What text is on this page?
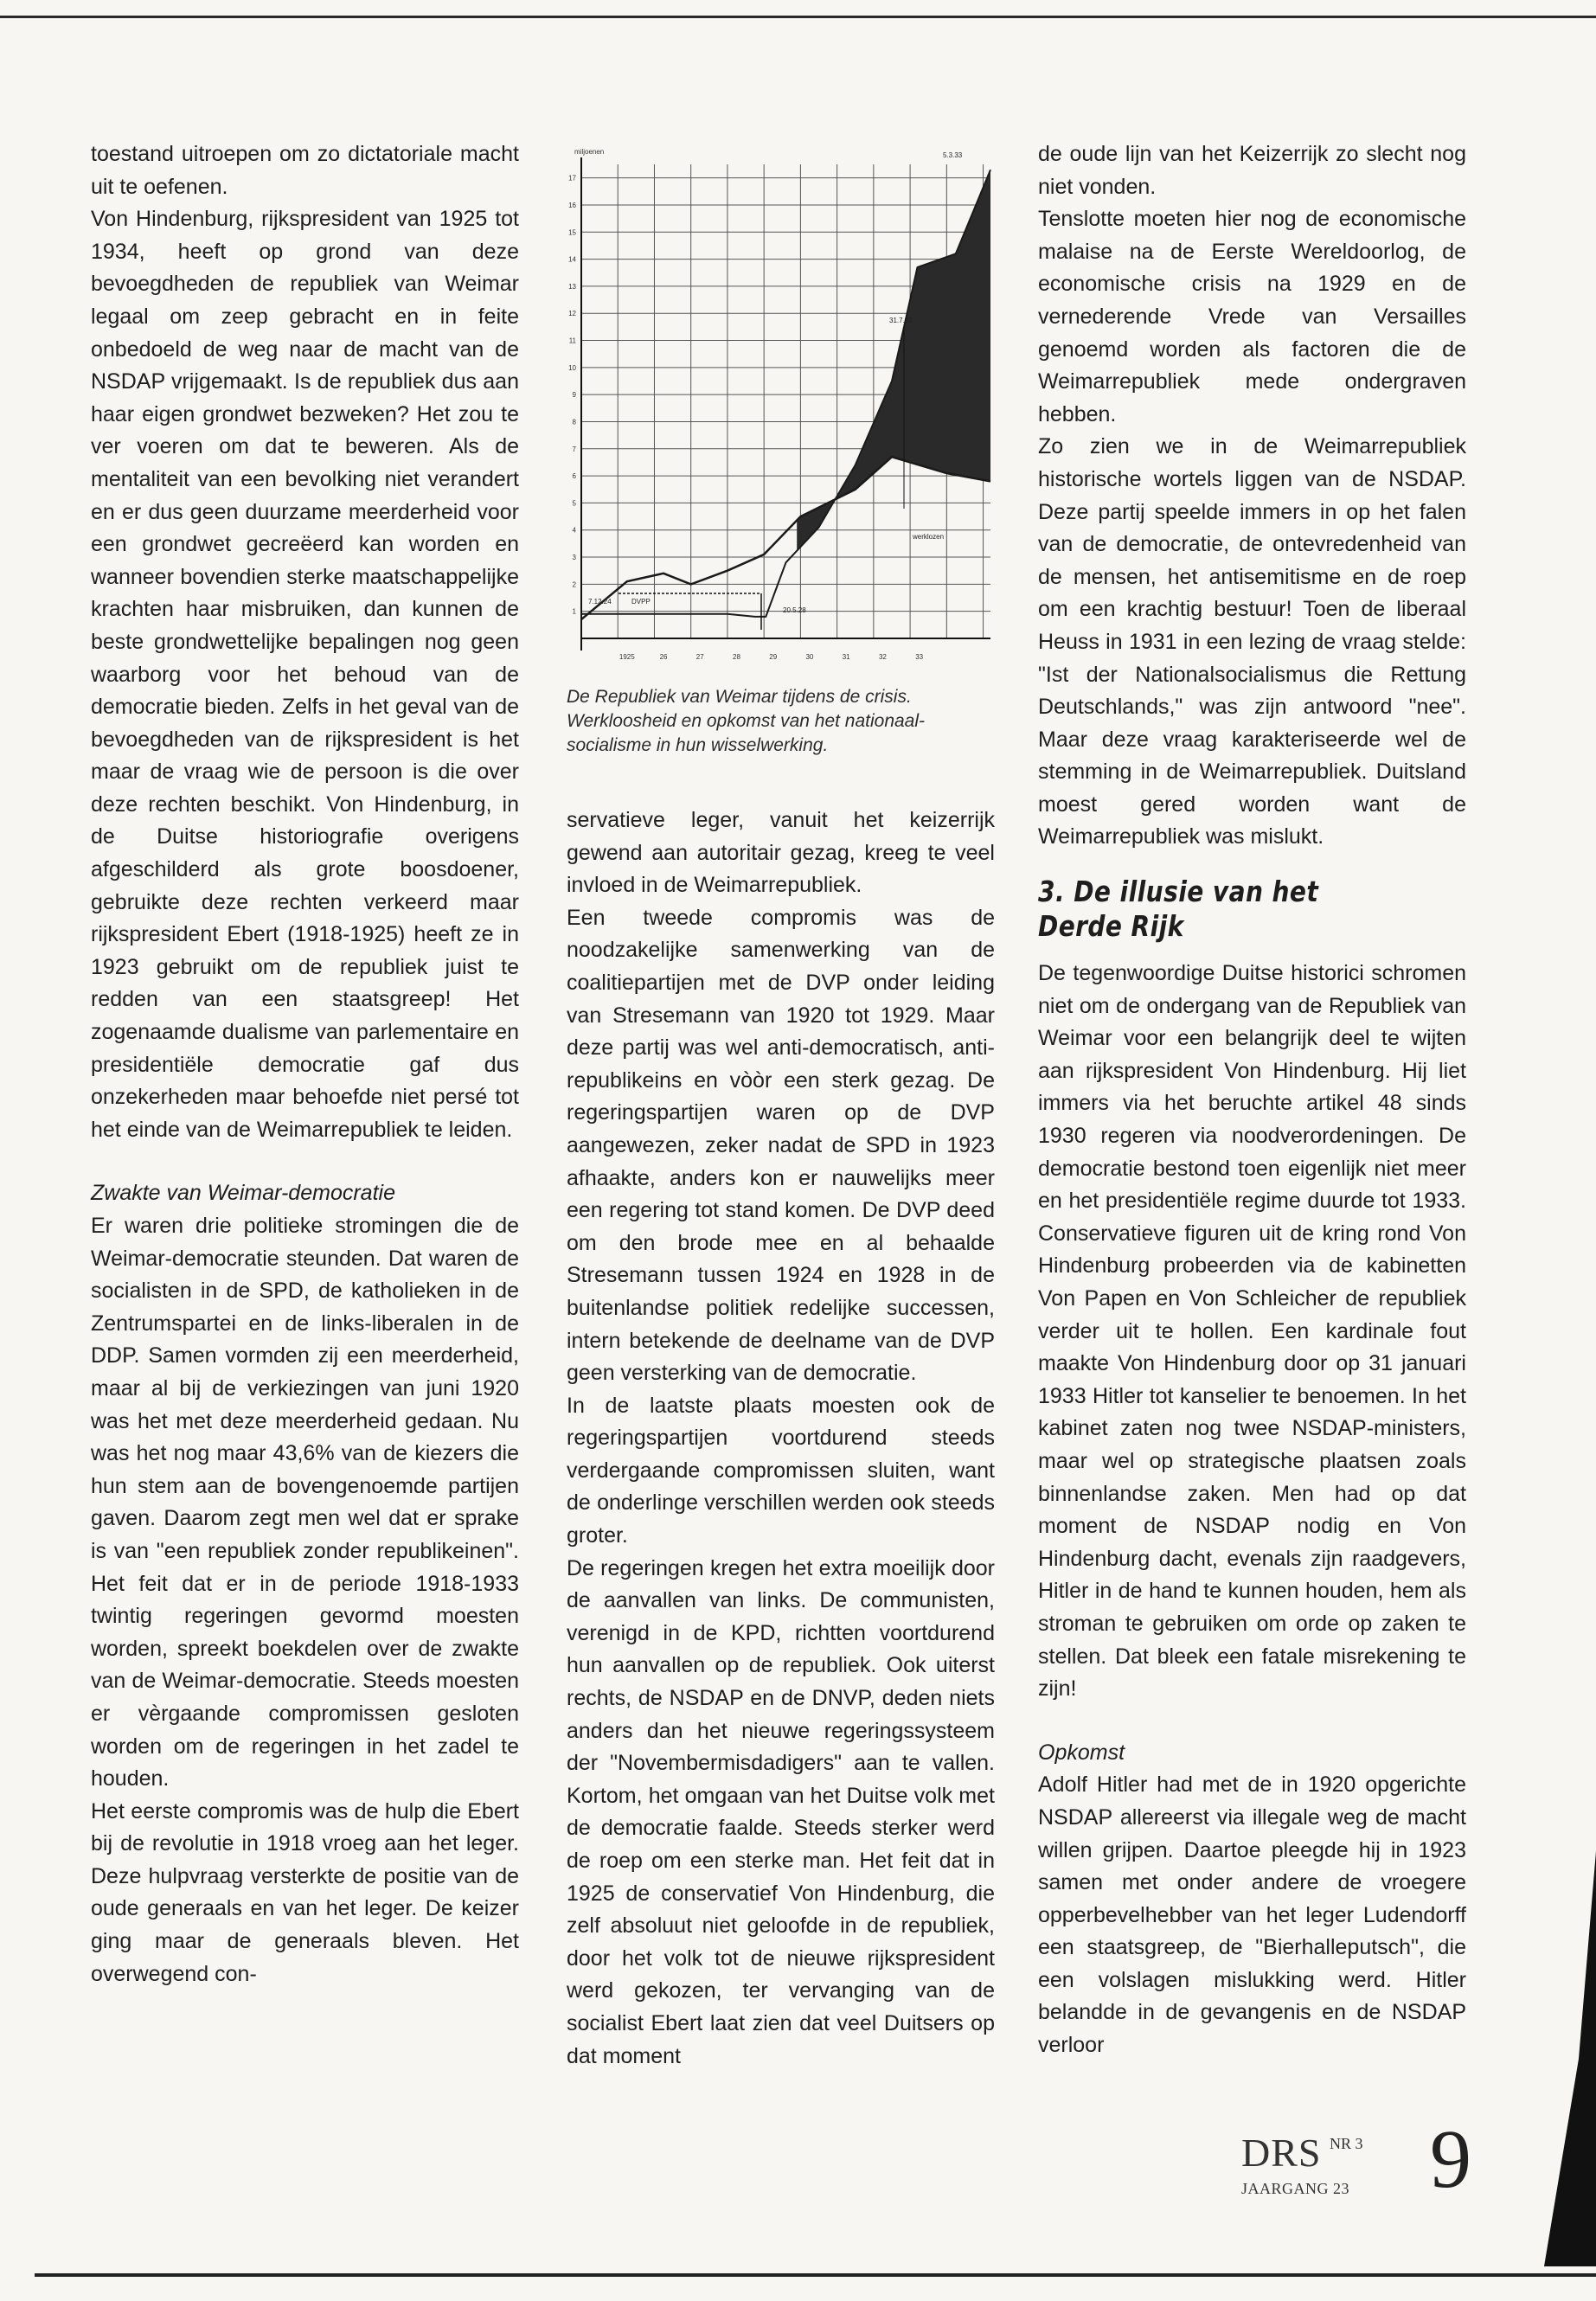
toestand uitroepen om zo dictatoriale macht uit te oefenen.

Von Hindenburg, rijkspresident van 1925 tot 1934, heeft op grond van deze bevoegdheden de republiek van Weimar legaal om zeep gebracht en in feite onbedoeld de weg naar de macht van de NSDAP vrijgemaakt. Is de republiek dus aan haar eigen grondwet bezweken? Het zou te ver voeren om dat te beweren. Als de mentaliteit van een bevolking niet verandert en er dus geen duurzame meerderheid voor een grondwet gecreëerd kan worden en wanneer bovendien sterke maatschappelijke krachten haar misbruiken, dan kunnen de beste grondwettelijke bepalingen nog geen waarborg voor het behoud van de democratie bieden. Zelfs in het geval van de bevoegdheden van de rijkspresident is het maar de vraag wie de persoon is die over deze rechten beschikt. Von Hindenburg, in de Duitse historiografie overigens afgeschilderd als grote boosdoener, gebruikte deze rechten verkeerd maar rijkspresident Ebert (1918-1925) heeft ze in 1923 gebruikt om de republiek juist te redden van een staatsgreep! Het zogenaamde dualisme van parlementaire en presidentiële democratie gaf dus onzekerheden maar behoefde niet persé tot het einde van de Weimarrepubliek te leiden.

Zwakte van Weimar-democratie

Er waren drie politieke stromingen die de Weimar-democratie steunden. Dat waren de socialisten in de SPD, de katholieken in de Zentrumspartei en de links-liberalen in de DDP. Samen vormden zij een meerderheid, maar al bij de verkiezingen van juni 1920 was het met deze meerderheid gedaan. Nu was het nog maar 43,6% van de kiezers die hun stem aan de bovengenoemde partijen gaven. Daarom zegt men wel dat er sprake is van "een republiek zonder republikeinen". Het feit dat er in de periode 1918-1933 twintig regeringen gevormd moesten worden, spreekt boekdelen over de zwakte van de Weimar-democratie. Steeds moesten er vèrgaande compromissen gesloten worden om de regeringen in het zadel te houden.

Het eerste compromis was de hulp die Ebert bij de revolutie in 1918 vroeg aan het leger. Deze hulpvraag versterkte de positie van de oude generaals en van het leger. De keizer ging maar de generaals bleven. Het overwegend con-

1
2
3
4
5
6
7
8
9
10
11
12
13
14
15
16
17
1925	26	27	28	29	30	31	32	33
miljoenen
7.12.24	DVPP
20.5.28
31.7.32
5.3.33
werklozen

De Republiek van Weimar tijdens de crisis.

Werkloosheid en opkomst van het nationaal-socialisme in hun wisselwerking.

servatieve leger, vanuit het keizerrijk gewend aan autoritair gezag, kreeg te veel invloed in de Weimarrepubliek.

Een tweede compromis was de noodzakelijke samenwerking van de coalitiepartijen met de DVP onder leiding van Stresemann van 1920 tot 1929. Maar deze partij was wel anti-democratisch, anti-republikeins en vòòr een sterk gezag. De regeringspartijen waren op de DVP aangewezen, zeker nadat de SPD in 1923 afhaakte, anders kon er nauwelijks meer een regering tot stand komen. De DVP deed om den brode mee en al behaalde Stresemann tussen 1924 en 1928 in de buitenlandse politiek redelijke successen, intern betekende de deelname van de DVP geen versterking van de democratie.

In de laatste plaats moesten ook de regeringspartijen voortdurend steeds verdergaande compromissen sluiten, want de onderlinge verschillen werden ook steeds groter.

De regeringen kregen het extra moeilijk door de aanvallen van links. De communisten, verenigd in de KPD, richtten voortdurend hun aanvallen op de republiek. Ook uiterst rechts, de NSDAP en de DNVP, deden niets anders dan het nieuwe regeringssysteem der "Novembermisdadigers" aan te vallen. Kortom, het omgaan van het Duitse volk met de democratie faalde. Steeds sterker werd de roep om een sterke man. Het feit dat in 1925 de conservatief Von Hindenburg, die zelf absoluut niet geloofde in de republiek, door het volk tot de nieuwe rijkspresident werd gekozen, ter vervanging van de socialist Ebert laat zien dat veel Duitsers op dat moment

de oude lijn van het Keizerrijk zo slecht nog niet vonden.

Tenslotte moeten hier nog de economische malaise na de Eerste Wereldoorlog, de economische crisis na 1929 en de vernederende Vrede van Versailles genoemd worden als factoren die de Weimarrepubliek mede ondergraven hebben.

Zo zien we in de Weimarrepubliek historische wortels liggen van de NSDAP. Deze partij speelde immers in op het falen van de democratie, de ontevredenheid van de mensen, het antisemitisme en de roep om een krachtig bestuur! Toen de liberaal Heuss in 1931 in een lezing de vraag stelde: "Ist der Nationalsocialismus die Rettung Deutschlands," was zijn antwoord "nee". Maar deze vraag karakteriseerde wel de stemming in de Weimarrepubliek. Duitsland moest gered worden want de Weimarrepubliek was mislukt.

3. De illusie van het Derde Rijk

De tegenwoordige Duitse historici schromen niet om de ondergang van de Republiek van Weimar voor een belangrijk deel te wijten aan rijkspresident Von Hindenburg. Hij liet immers via het beruchte artikel 48 sinds 1930 regeren via noodverordeningen. De democratie bestond toen eigenlijk niet meer en het presidentiële regime duurde tot 1933. Conservatieve figuren uit de kring rond Von Hindenburg probeerden via de kabinetten Von Papen en Von Schleicher de republiek verder uit te hollen. Een kardinale fout maakte Von Hindenburg door op 31 januari 1933 Hitler tot kanselier te benoemen. In het kabinet zaten nog twee NSDAP-ministers, maar wel op strategische plaatsen zoals binnenlandse zaken. Men had op dat moment de NSDAP nodig en Von Hindenburg dacht, evenals zijn raadgevers, Hitler in de hand te kunnen houden, hem als stroman te gebruiken om orde op zaken te stellen. Dat bleek een fatale misrekening te zijn!

Opkomst

Adolf Hitler had met de in 1920 opgerichte NSDAP allereerst via illegale weg de macht willen grijpen. Daartoe pleegde hij in 1923 samen met onder andere de vroegere opperbevelhebber van het leger Ludendorff een staatsgreep, de "Bierhalleputsch", die een volslagen mislukking werd. Hitler belandde in de gevangenis en de NSDAP verloor

DRS NR 3
JAARGANG 23 9
